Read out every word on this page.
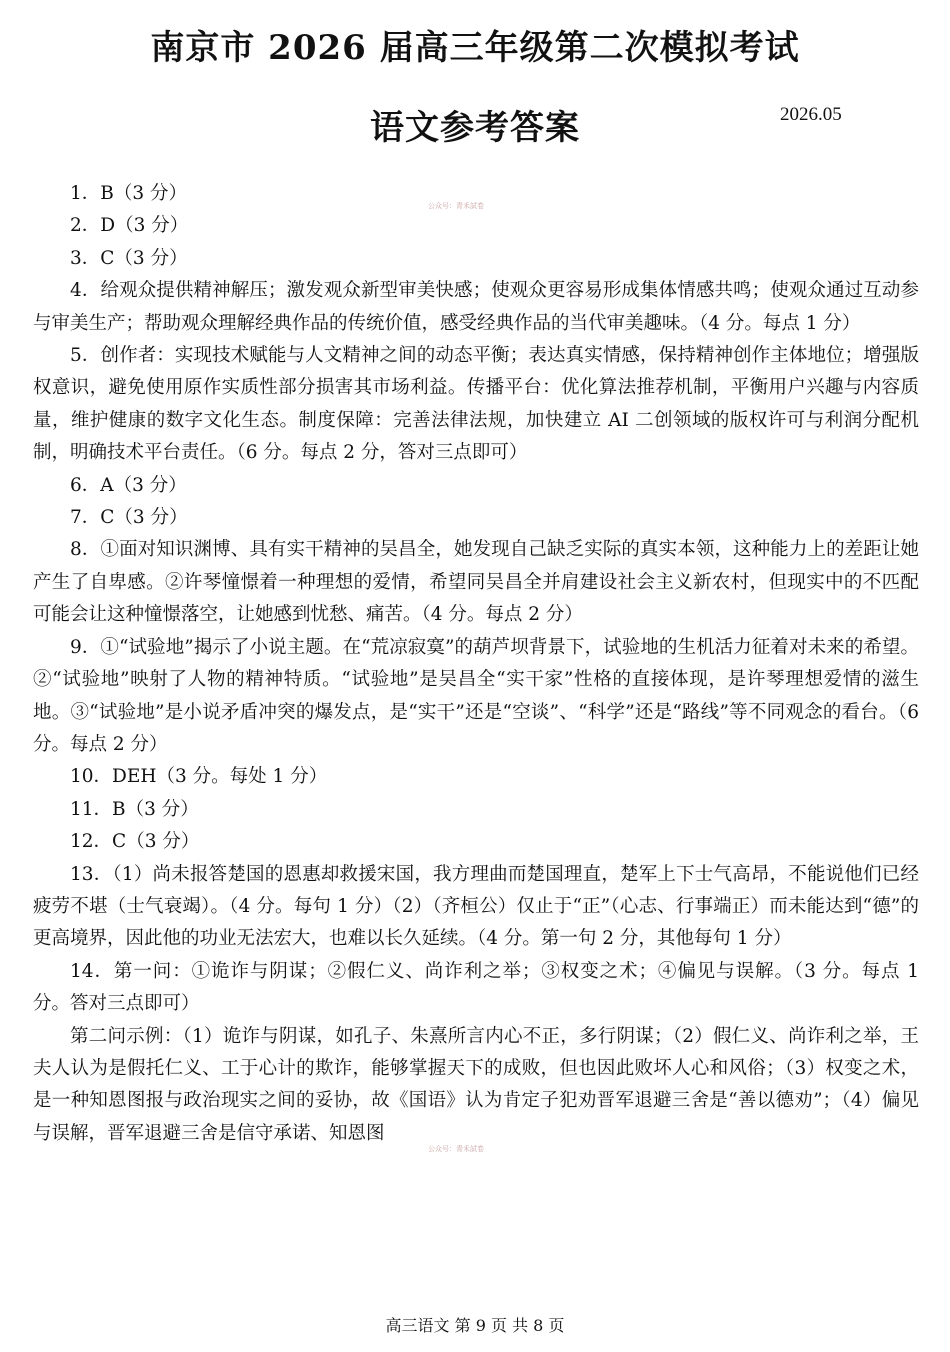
南京市 2026 届高三年级第二次模拟考试
语文参考答案	2026.05
公众号：青禾試卷
公众号：青禾試卷

1．B（3 分）

2．D（3 分）

3．C（3 分）

4．给观众提供精神解压；激发观众新型审美快感；使观众更容易形成集体情感共鸣；使观众通过互动参与审美生产；帮助观众理解经典作品的传统价值，感受经典作品的当代审美趣味。（4 分。每点 1 分）

5．创作者：实现技术赋能与人文精神之间的动态平衡；表达真实情感，保持精神创作主体地位；增强版权意识，避免使用原作实质性部分损害其市场利益。传播平台：优化算法推荐机制，平衡用户兴趣与内容质量，维护健康的数字文化生态。制度保障：完善法律法规，加快建立 AI 二创领域的版权许可与利润分配机制，明确技术平台责任。（6 分。每点 2 分，答对三点即可）

6．A（3 分）

7．C（3 分）

8．①面对知识渊博、具有实干精神的吴昌全，她发现自己缺乏实际的真实本领，这种能力上的差距让她产生了自卑感。②许琴憧憬着一种理想的爱情，希望同吴昌全并肩建设社会主义新农村，但现实中的不匹配可能会让这种憧憬落空，让她感到忧愁、痛苦。（4 分。每点 2 分）

9．①“试验地”揭示了小说主题。在“荒凉寂寞”的葫芦坝背景下，试验地的生机活力征着对未来的希望。②“试验地”映射了人物的精神特质。“试验地”是吴昌全“实干家”性格的直接体现，是许琴理想爱情的滋生地。③“试验地”是小说矛盾冲突的爆发点，是“实干”还是“空谈”、“科学”还是“路线”等不同观念的看台。（6 分。每点 2 分）

10．DEH（3 分。每处 1 分）

11．B（3 分）

12．C（3 分）

13．（1）尚未报答楚国的恩惠却救援宋国，我方理曲而楚国理直，楚军上下士气高昂，不能说他们已经疲劳不堪（士气衰竭）。（4 分。每句 1 分）（2）（齐桓公）仅止于“正”（心志、行事端正）而未能达到“德”的更高境界，因此他的功业无法宏大，也难以长久延续。（4 分。第一句 2 分，其他每句 1 分）

14．第一问：①诡诈与阴谋；②假仁义、尚诈利之举；③权变之术；④偏见与误解。（3 分。每点 1 分。答对三点即可）

第二问示例：（1）诡诈与阴谋，如孔子、朱熹所言内心不正，多行阴谋；（2）假仁义、尚诈利之举，王夫人认为是假托仁义、工于心计的欺诈，能够掌握天下的成败，但也因此败坏人心和风俗；（3）权变之术，是一种知恩图报与政治现实之间的妥协，故《国语》认为肯定子犯劝晋军退避三舍是“善以德劝”；（4）偏见与误解，晋军退避三舍是信守承诺、知恩图

高三语文 第 9 页 共 8 页
